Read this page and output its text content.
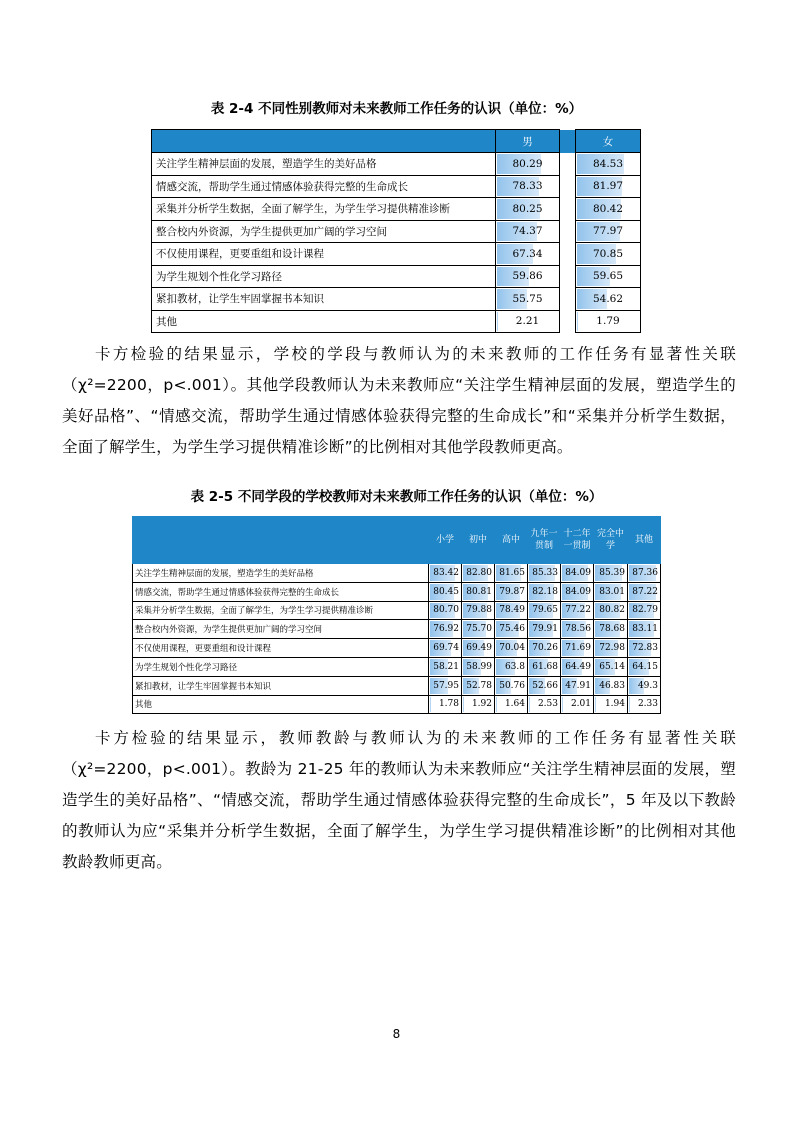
表 2-4 不同性别教师对未来教师工作任务的认识（单位：%）
	男		女
关注学生精神层面的发展，塑造学生的美好品格	80.29		84.53

情感交流，帮助学生通过情感体验获得完整的生命成长	78.33		81.97

采集并分析学生数据，全面了解学生，为学生学习提供精准诊断	80.25		80.42

整合校内外资源，为学生提供更加广阔的学习空间	74.37		77.97

不仅使用课程，更要重组和设计课程	67.34		70.85

为学生规划个性化学习路径	59.86		59.65

紧扣教材，让学生牢固掌握书本知识	55.75		54.62

其他	2.21		1.79

卡方检验的结果显示，学校的学段与教师认为的未来教师的工作任务有显著性关联（χ²=2200，p<.001）。其他学段教师认为未来教师应“关注学生精神层面的发展，塑造学生的美好品格”、“情感交流，帮助学生通过情感体验获得完整的生命成长”和“采集并分析学生数据，全面了解学生，为学生学习提供精准诊断”的比例相对其他学段教师更高。

表 2-5 不同学段的学校教师对未来教师工作任务的认识（单位：%）
	小学	初中	高中	九年一贯制	十二年一贯制	完全中学	其他
关注学生精神层面的发展，塑造学生的美好品格	83.42	82.80	81.65	85.33	84.09	85.39	87.36

情感交流，帮助学生通过情感体验获得完整的生命成长	80.45	80.81	79.87	82.18	84.09	83.01	87.22

采集并分析学生数据，全面了解学生，为学生学习提供精准诊断	80.70	79.88	78.49	79.65	77.22	80.82	82.79

整合校内外资源，为学生提供更加广阔的学习空间	76.92	75.70	75.46	79.91	78.56	78.68	83.11

不仅使用课程，更要重组和设计课程	69.74	69.49	70.04	70.26	71.69	72.98	72.83

为学生规划个性化学习路径	58.21	58.99	63.8	61.68	64.49	65.14	64.15

紧扣教材，让学生牢固掌握书本知识	57.95	52.78	50.76	52.66	47.91	46.83	49.3

其他	1.78	1.92	1.64	2.53	2.01	1.94	2.33

卡方检验的结果显示，教师教龄与教师认为的未来教师的工作任务有显著性关联（χ²=2200，p<.001）。教龄为 21-25 年的教师认为未来教师应“关注学生精神层面的发展，塑造学生的美好品格”、“情感交流，帮助学生通过情感体验获得完整的生命成长”，5 年及以下教龄的教师认为应“采集并分析学生数据，全面了解学生，为学生学习提供精准诊断”的比例相对其他教龄教师更高。

8
